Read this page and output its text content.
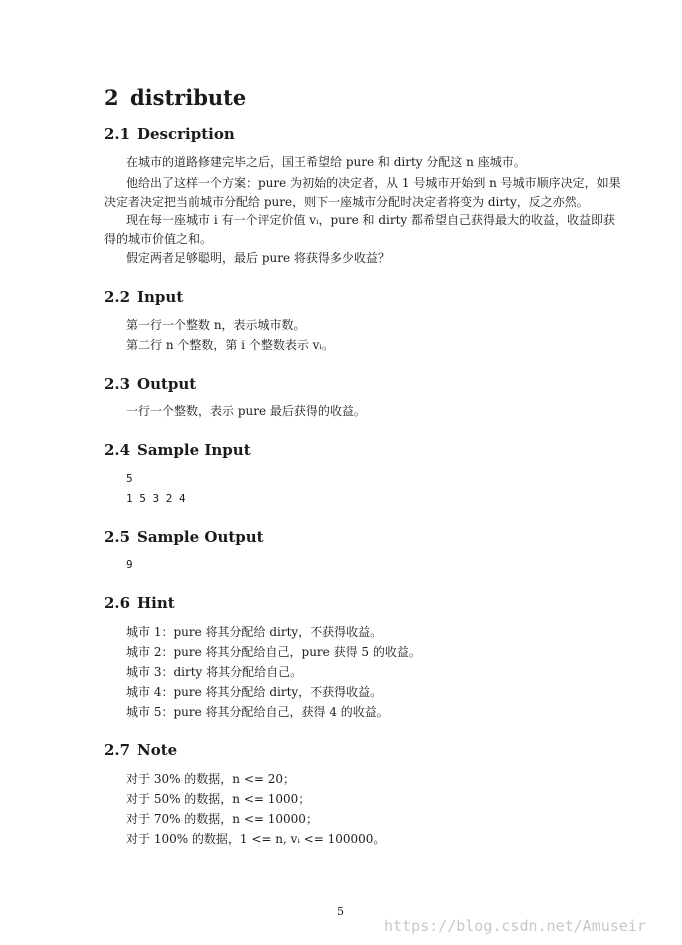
2 distribute
2.1 Description
在城市的道路修建完毕之后，国王希望给 pure 和 dirty 分配这 n 座城市。
他给出了这样一个方案：pure 为初始的决定者，从 1 号城市开始到 n 号城市顺序决定，如果
决定者决定把当前城市分配给 pure，则下一座城市分配时决定者将变为 dirty，反之亦然。
现在每一座城市 i 有一个评定价值 vᵢ，pure 和 dirty 都希望自己获得最大的收益，收益即获
得的城市价值之和。
假定两者足够聪明，最后 pure 将获得多少收益？
2.2 Input
第一行一个整数 n，表示城市数。
第二行 n 个整数，第 i 个整数表示 vᵢ。
2.3 Output
一行一个整数，表示 pure 最后获得的收益。
2.4 Sample Input
5
1 5 3 2 4
2.5 Sample Output
9
2.6 Hint
城市 1：pure 将其分配给 dirty，不获得收益。
城市 2：pure 将其分配给自己，pure 获得 5 的收益。
城市 3：dirty 将其分配给自己。
城市 4：pure 将其分配给 dirty，不获得收益。
城市 5：pure 将其分配给自己，获得 4 的收益。
2.7 Note
对于 30% 的数据，n <= 20；
对于 50% 的数据，n <= 1000；
对于 70% 的数据，n <= 10000；
对于 100% 的数据，1 <= n, vᵢ <= 100000。
5
https://blog.csdn.net/Amuseir
